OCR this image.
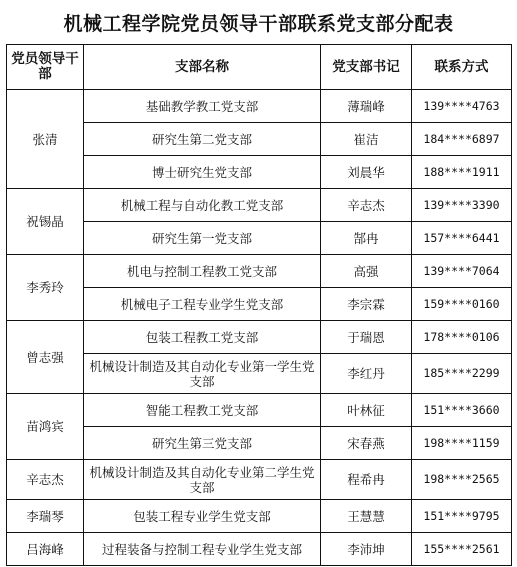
机械工程学院党员领导干部联系党支部分配表
党员领导干部	支部名称	党支部书记	联系方式
张清	基础教学教工党支部	薄瑞峰	139****4763
	研究生第二党支部	崔洁	184****6897
	博士研究生党支部	刘晨华	188****1911
祝锡晶	机械工程与自动化教工党支部	辛志杰	139****3390
	研究生第一党支部	郜冉	157****6441
李秀玲	机电与控制工程教工党支部	高强	139****7064
	机械电子工程专业学生党支部	李宗霖	159****0160
曾志强	包装工程教工党支部	于瑞恩	178****0106
	机械设计制造及其自动化专业第一学生党支部	李红丹	185****2299
苗鸿宾	智能工程教工党支部	叶林征	151****3660
	研究生第三党支部	宋春燕	198****1159
辛志杰	机械设计制造及其自动化专业第二学生党支部	程希冉	198****2565
李瑞琴	包装工程专业学生党支部	王慧慧	151****9795
吕海峰	过程装备与控制工程专业学生党支部	李沛坤	155****2561
